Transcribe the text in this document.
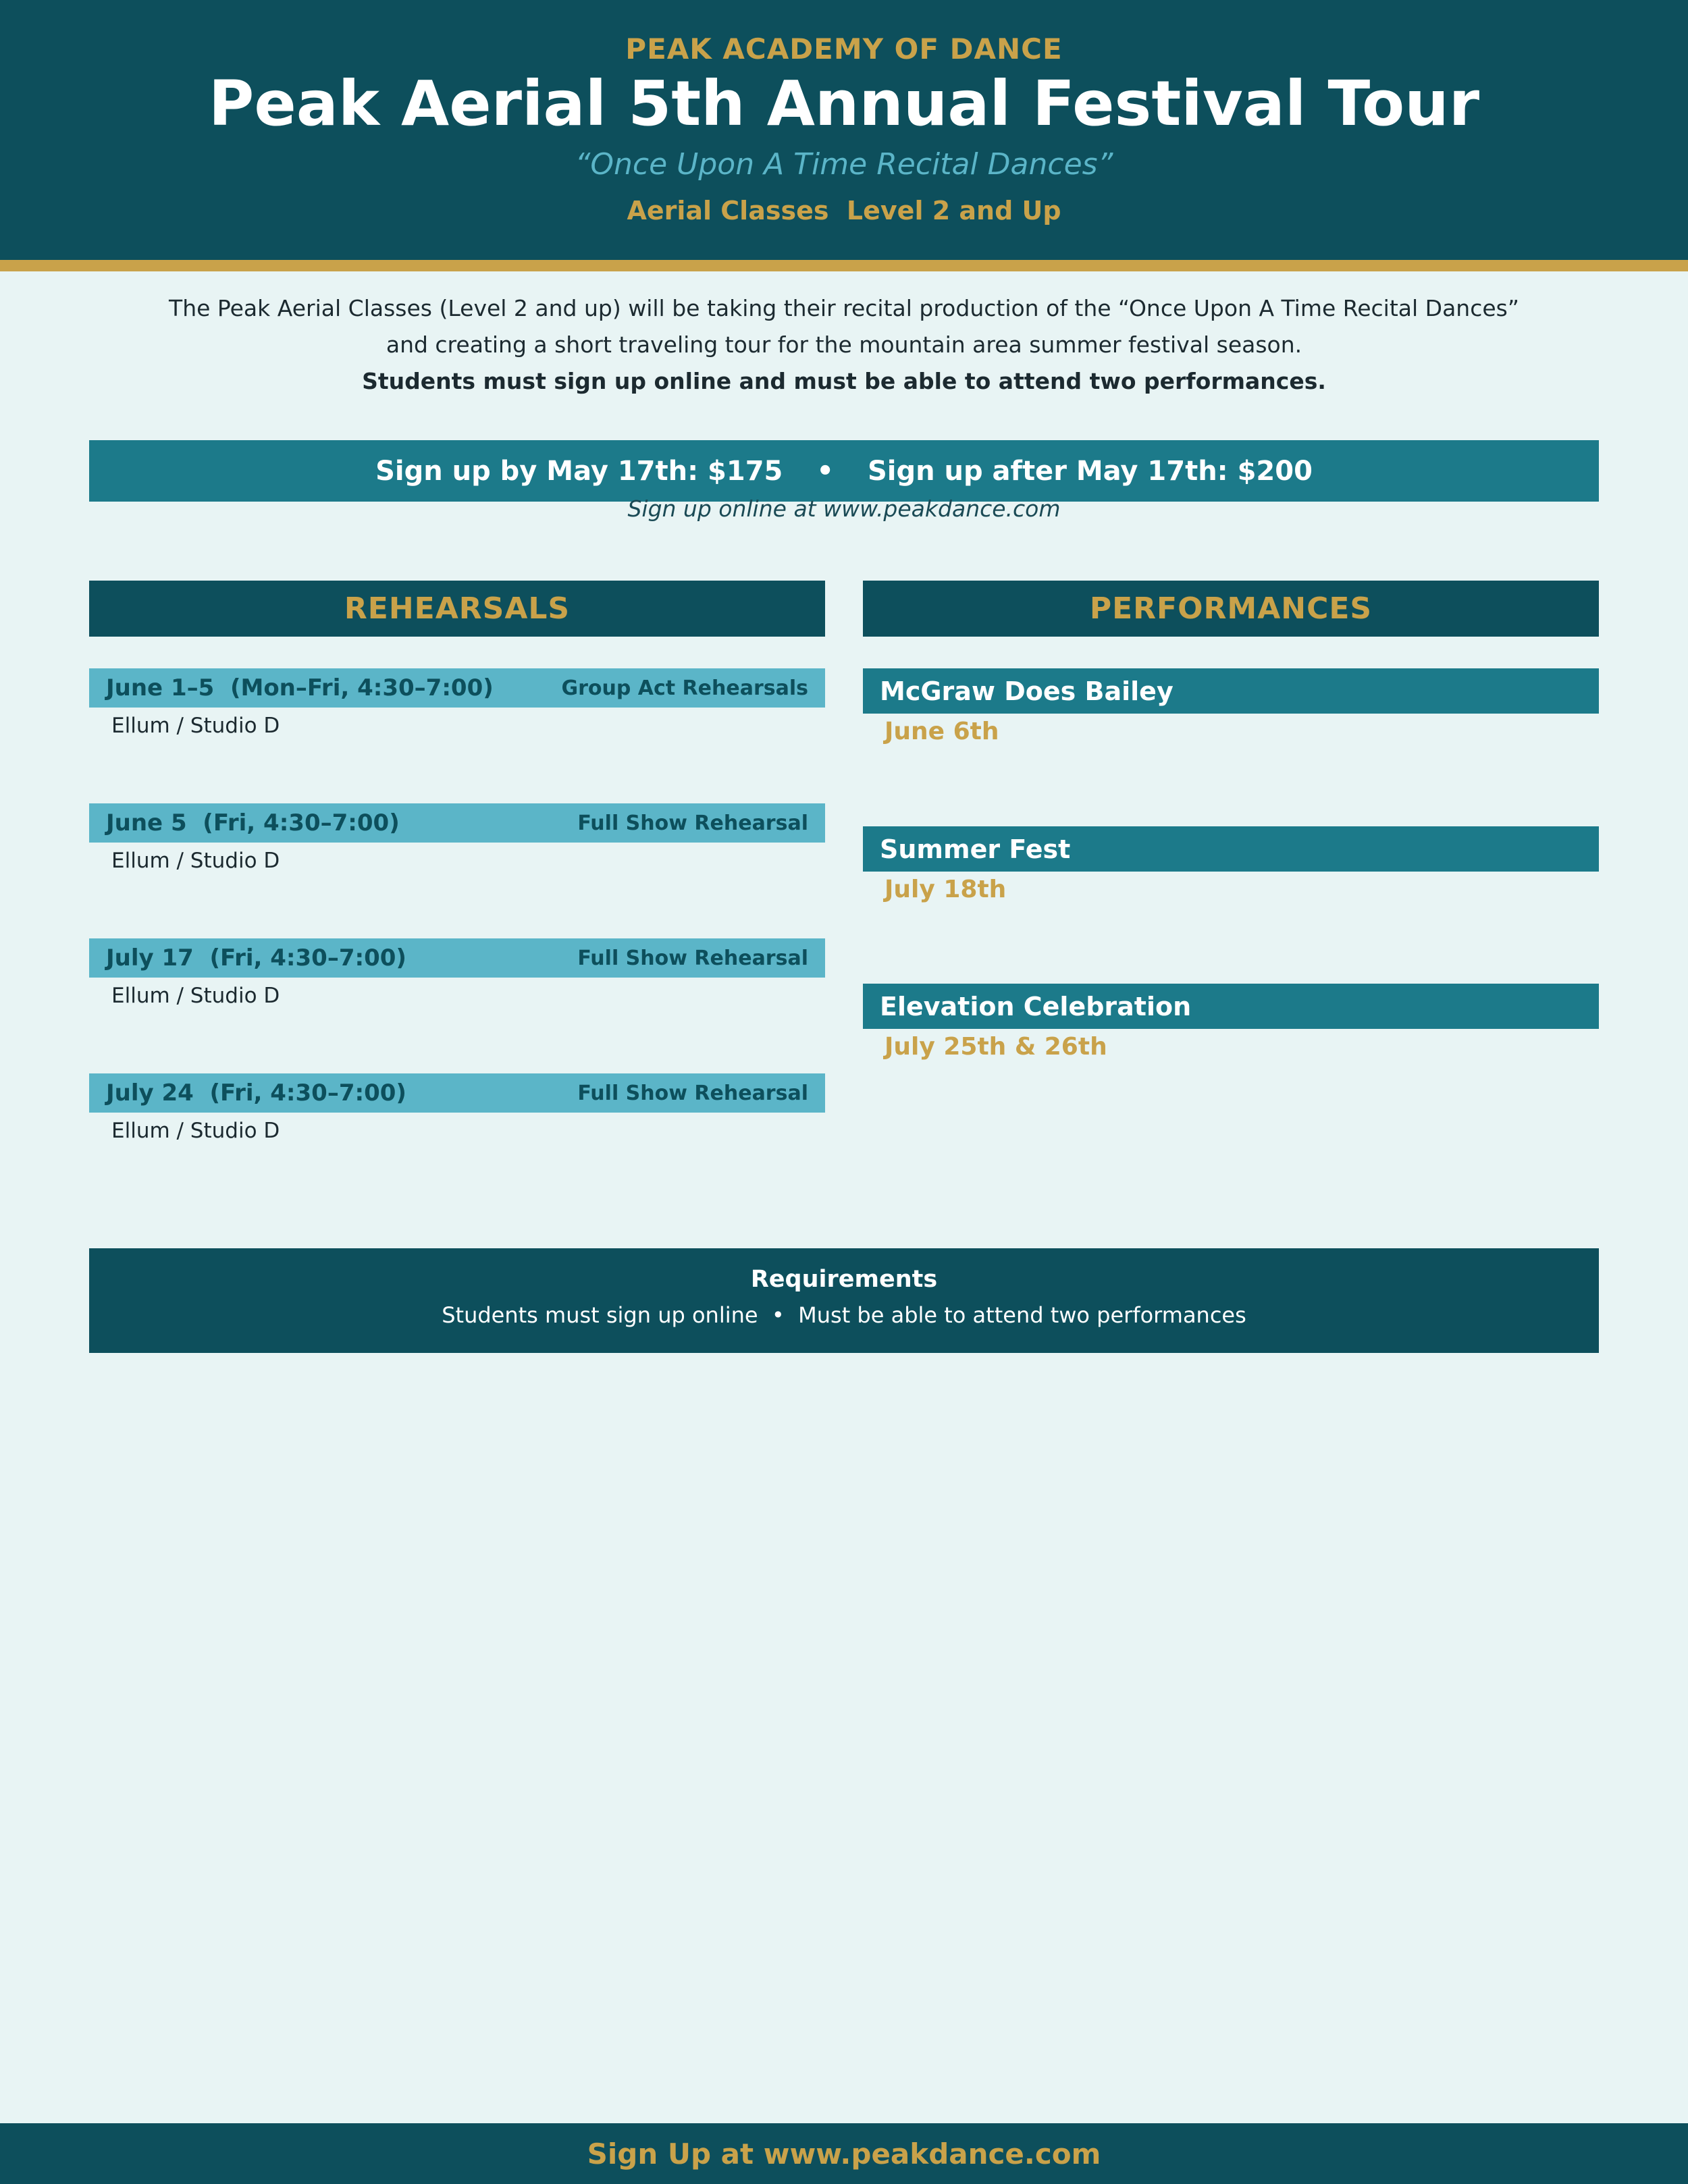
PEAK ACADEMY OF DANCE
Peak Aerial 5th Annual Festival Tour
“Once Upon A Time Recital Dances”
Aerial Classes  Level 2 and Up
The Peak Aerial Classes (Level 2 and up) will be taking their recital production of the “Once Upon A Time Recital Dances”
and creating a short traveling tour for the mountain area summer festival season.
Students must sign up online and must be able to attend two performances.
Sign up by May 17th: $175 • Sign up after May 17th: $200
Sign up online at www.peakdance.com
REHEARSALS	PERFORMANCES
June 1–5  (Mon–Fri, 4:30–7:00)	Group Act Rehearsals
Ellum / Studio D
June 5  (Fri, 4:30–7:00)	Full Show Rehearsal
Ellum / Studio D
July 17  (Fri, 4:30–7:00)	Full Show Rehearsal
Ellum / Studio D
July 24  (Fri, 4:30–7:00)	Full Show Rehearsal
Ellum / Studio D
McGraw Does Bailey
June 6th
Summer Fest
July 18th
Elevation Celebration
July 25th & 26th
Requirements
Students must sign up online  •  Must be able to attend two performances
Sign Up at www.peakdance.com
